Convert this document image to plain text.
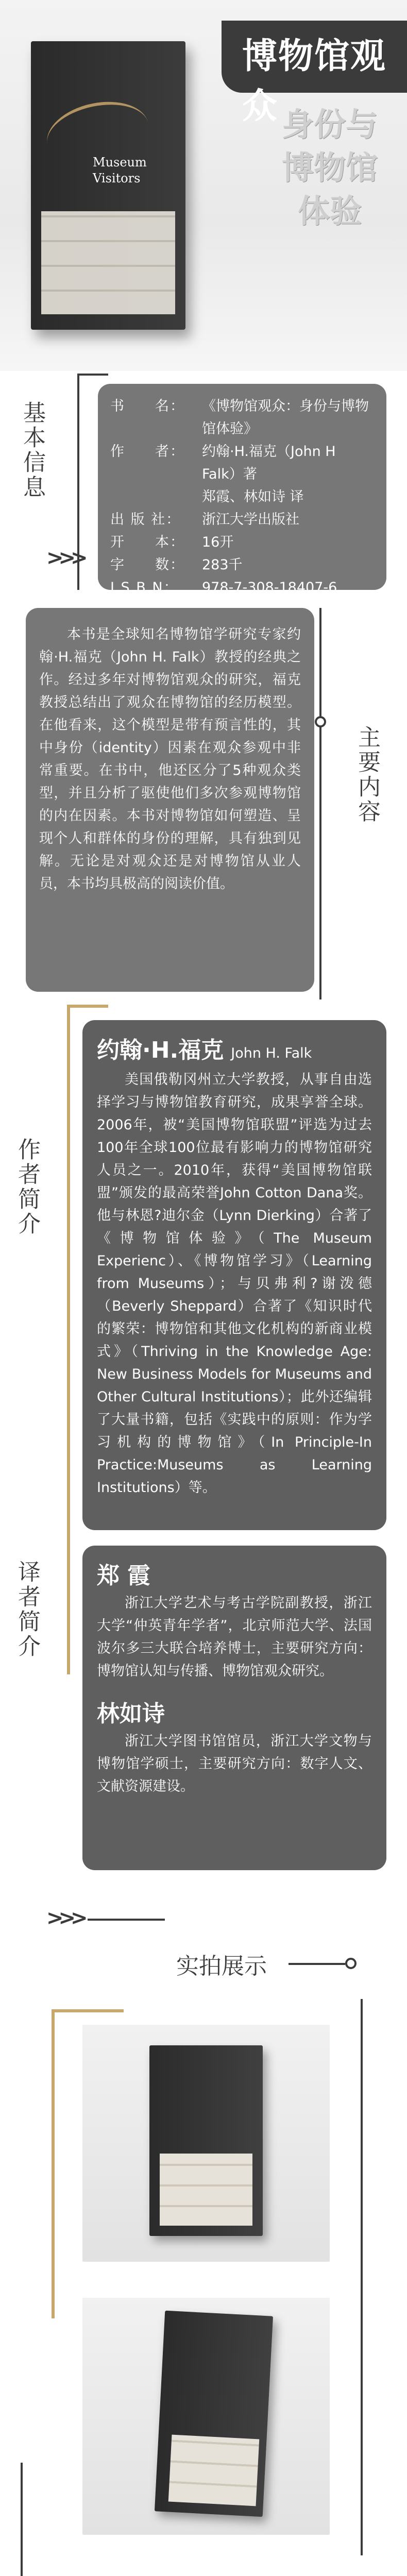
Museum
Visitors
博物馆观众 身份与博物馆
体验
基本信息
>>>
书　　名：	《博物馆观众：身份与博物馆体验》
作　　者：	约翰·H.福克（John H Falk）著
郑霞、林如诗 译
出 版 社：	浙江大学出版社
开　　本：	16开
字　　数：	283千
I S B N：	978-7-308-18407-6
主要内容

本书是全球知名博物馆学研究专家约翰·H.福克（John H. Falk）教授的经典之作。经过多年对博物馆观众的研究，福克教授总结出了观众在博物馆的经历模型。在他看来，这个模型是带有预言性的，其中身份（identity）因素在观众参观中非常重要。在书中，他还区分了5种观众类型，并且分析了驱使他们多次参观博物馆的内在因素。本书对博物馆如何塑造、呈现个人和群体的身份的理解，具有独到见解。无论是对观众还是对博物馆从业人员，本书均具极高的阅读价值。

作者简介
约翰·H.福克 John H. Falk

美国俄勒冈州立大学教授，从事自由选择学习与博物馆教育研究，成果享誉全球。2006年，被“美国博物馆联盟”评选为过去100年全球100位最有影响力的博物馆研究人员之一。2010年，获得“美国博物馆联盟”颁发的最高荣誉John Cotton Dana奖。他与林恩?迪尔金（Lynn Dierking）合著了《博物馆体验》（The Museum Experienc）、《博物馆学习》（Learning from Museums）；与贝弗利?谢泼德（Beverly Sheppard）合著了《知识时代的繁荣：博物馆和其他文化机构的新商业模式》（Thriving in the Knowledge Age: New Business Models for Museums and Other Cultural Institutions）；此外还编辑了大量书籍，包括《实践中的原则：作为学习机构的博物馆》（In Principle-In Practice:Museums as Learning Institutions）等。

译者简介	郑 霞

浙江大学艺术与考古学院副教授，浙江大学“仲英青年学者”，北京师范大学、法国波尔多三大联合培养博士，主要研究方向：博物馆认知与传播、博物馆观众研究。

林如诗

浙江大学图书馆馆员，浙江大学文物与博物馆学硕士，主要研究方向：数字人文、文献资源建设。

>>>
实拍展示
